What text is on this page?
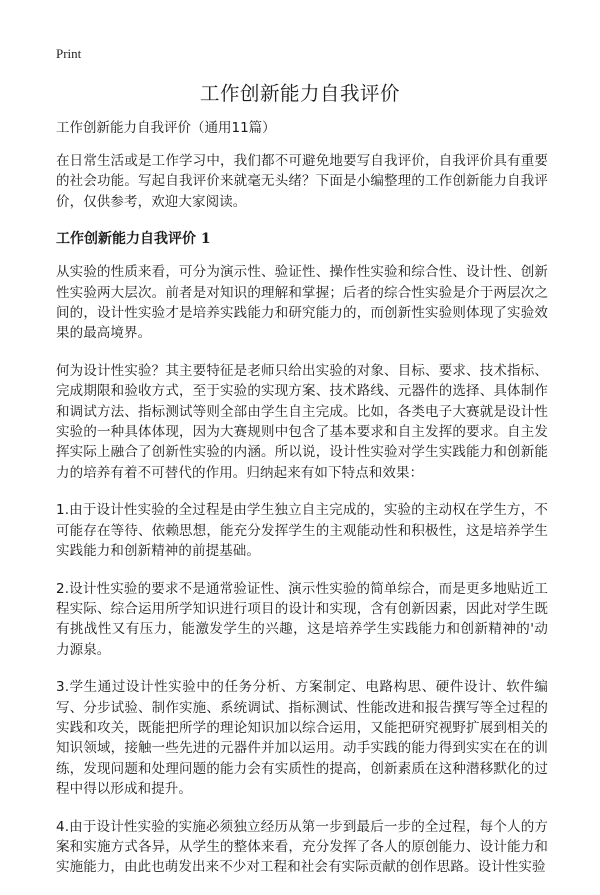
Print
工作创新能力自我评价

工作创新能力自我评价（通用11篇）

在日常生活或是工作学习中，我们都不可避免地要写自我评价，自我评价具有重要的社会功能。写起自我评价来就毫无头绪？下面是小编整理的工作创新能力自我评价，仅供参考，欢迎大家阅读。

工作创新能力自我评价 1

从实验的性质来看，可分为演示性、验证性、操作性实验和综合性、设计性、创新性实验两大层次。前者是对知识的理解和掌握；后者的综合性实验是介于两层次之间的，设计性实验才是培养实践能力和研究能力的，而创新性实验则体现了实验效果的最高境界。

何为设计性实验？其主要特征是老师只给出实验的对象、目标、要求、技术指标、完成期限和验收方式，至于实验的实现方案、技术路线、元器件的选择、具体制作和调试方法、指标测试等则全部由学生自主完成。比如，各类电子大赛就是设计性实验的一种具体体现，因为大赛规则中包含了基本要求和自主发挥的要求。自主发挥实际上融合了创新性实验的内涵。所以说，设计性实验对学生实践能力和创新能力的培养有着不可替代的作用。归纳起来有如下特点和效果：

1.由于设计性实验的全过程是由学生独立自主完成的，实验的主动权在学生方，不可能存在等待、依赖思想，能充分发挥学生的主观能动性和积极性，这是培养学生实践能力和创新精神的前提基础。

2.设计性实验的要求不是通常验证性、演示性实验的简单综合，而是更多地贴近工程实际、综合运用所学知识进行项目的设计和实现，含有创新因素，因此对学生既有挑战性又有压力，能激发学生的兴趣，这是培养学生实践能力和创新精神的'动力源泉。

3.学生通过设计性实验中的任务分析、方案制定、电路构思、硬件设计、软件编写、分步试验、制作实施、系统调试、指标测试、性能改进和报告撰写等全过程的实践和攻关，既能把所学的理论知识加以综合运用，又能把研究视野扩展到相关的知识领域，接触一些先进的元器件并加以运用。动手实践的能力得到实实在在的训练，发现问题和处理问题的能力会有实质性的提高，创新素质在这种潜移默化的过程中得以形成和提升。

4.由于设计性实验的实施必须独立经历从第一步到最后一步的全过程，每个人的方案和实施方式各异，从学生的整体来看，充分发挥了各人的原创能力、设计能力和实施能力，由此也萌发出来不少对工程和社会有实际贡献的创作思路。设计性实验
